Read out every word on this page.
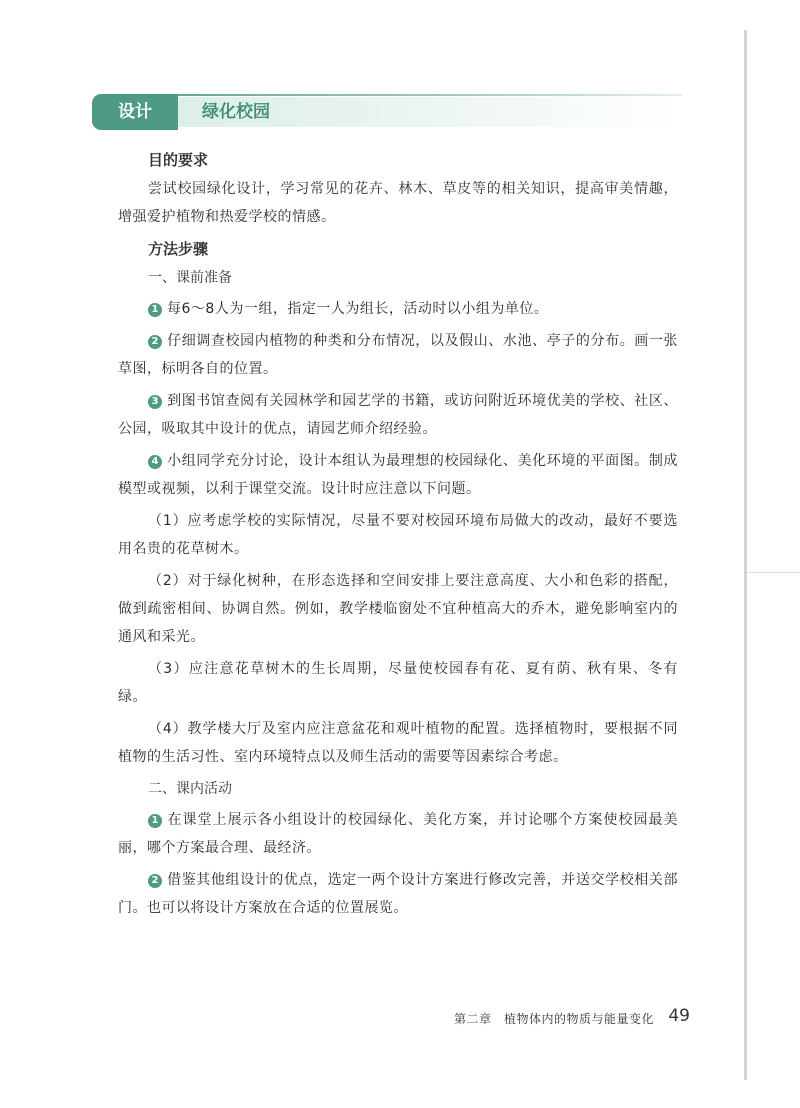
设计	绿化校园
目的要求

尝试校园绿化设计，学习常见的花卉、林木、草皮等的相关知识，提高审美情趣，增强爱护植物和热爱学校的情感。

方法步骤
一、课前准备

1 每6～8人为一组，指定一人为组长，活动时以小组为单位。

2 仔细调查校园内植物的种类和分布情况，以及假山、水池、亭子的分布。画一张草图，标明各自的位置。

3 到图书馆查阅有关园林学和园艺学的书籍，或访问附近环境优美的学校、社区、公园，吸取其中设计的优点，请园艺师介绍经验。

4 小组同学充分讨论，设计本组认为最理想的校园绿化、美化环境的平面图。制成模型或视频，以利于课堂交流。设计时应注意以下问题。

（1）应考虑学校的实际情况，尽量不要对校园环境布局做大的改动，最好不要选用名贵的花草树木。

（2）对于绿化树种，在形态选择和空间安排上要注意高度、大小和色彩的搭配，做到疏密相间、协调自然。例如，教学楼临窗处不宜种植高大的乔木，避免影响室内的通风和采光。

（3）应注意花草树木的生长周期，尽量使校园春有花、夏有荫、秋有果、冬有绿。

（4）教学楼大厅及室内应注意盆花和观叶植物的配置。选择植物时，要根据不同植物的生活习性、室内环境特点以及师生活动的需要等因素综合考虑。

二、课内活动

1 在课堂上展示各小组设计的校园绿化、美化方案，并讨论哪个方案使校园最美丽，哪个方案最合理、最经济。

2 借鉴其他组设计的优点，选定一两个设计方案进行修改完善，并送交学校相关部门。也可以将设计方案放在合适的位置展览。

第二章　植物体内的物质与能量变化 49
